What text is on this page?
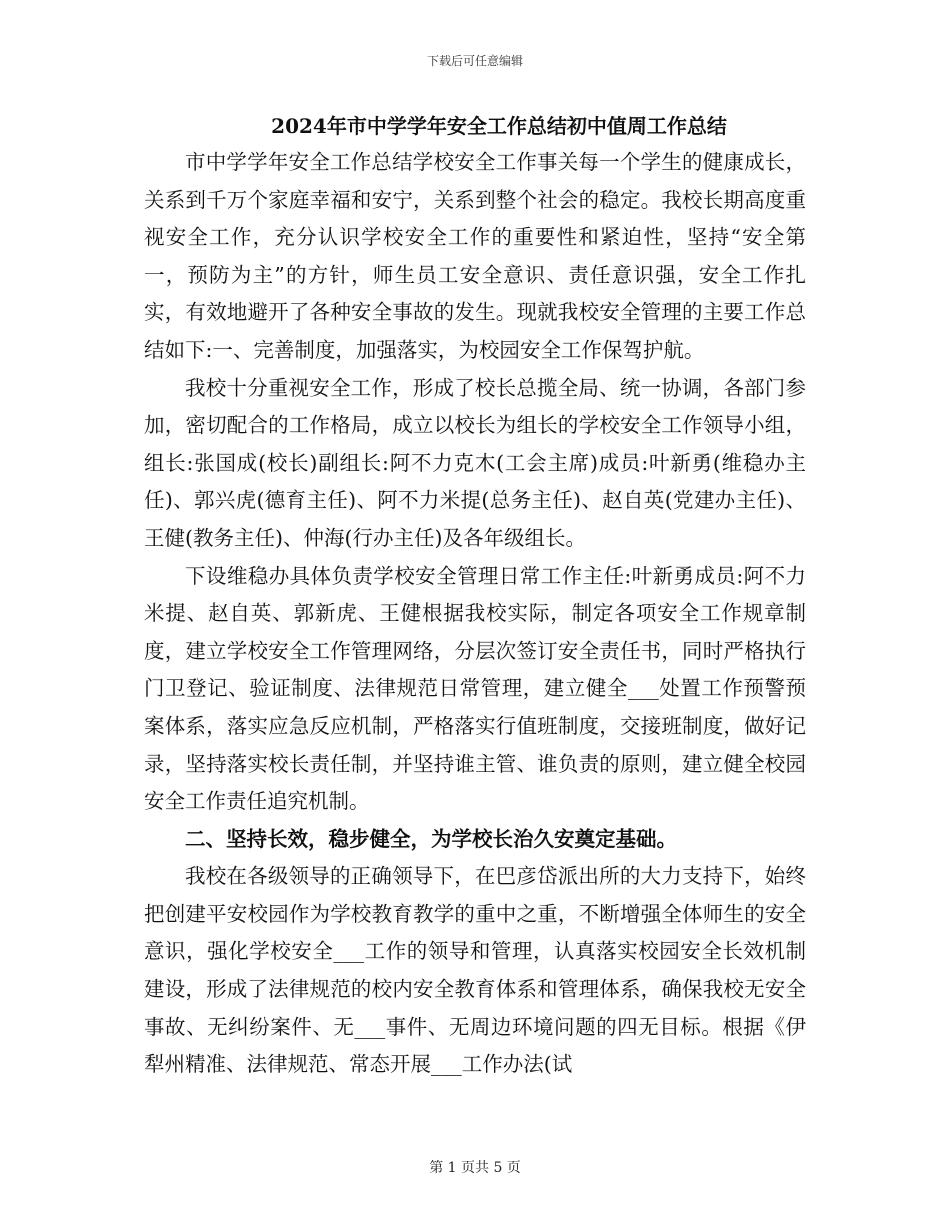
下载后可任意编辑
2024年市中学学年安全工作总结初中值周工作总结

市中学学年安全工作总结学校安全工作事关每一个学生的健康成长，关系到千万个家庭幸福和安宁，关系到整个社会的稳定。我校长期高度重视安全工作，充分认识学校安全工作的重要性和紧迫性，坚持“安全第一，预防为主”的方针，师生员工安全意识、责任意识强，安全工作扎实，有效地避开了各种安全事故的发生。现就我校安全管理的主要工作总结如下:一、完善制度，加强落实，为校园安全工作保驾护航。

我校十分重视安全工作，形成了校长总揽全局、统一协调，各部门参加，密切配合的工作格局，成立以校长为组长的学校安全工作领导小组，组长:张国成(校长)副组长:阿不力克木(工会主席)成员:叶新勇(维稳办主任)、郭兴虎(德育主任)、阿不力米提(总务主任)、赵自英(党建办主任)、王健(教务主任)、仲海(行办主任)及各年级组长。

下设维稳办具体负责学校安全管理日常工作主任:叶新勇成员:阿不力米提、赵自英、郭新虎、王健根据我校实际，制定各项安全工作规章制度，建立学校安全工作管理网络，分层次签订安全责任书，同时严格执行门卫登记、验证制度、法律规范日常管理，建立健全___处置工作预警预案体系，落实应急反应机制，严格落实行值班制度，交接班制度，做好记录，坚持落实校长责任制，并坚持谁主管、谁负责的原则，建立健全校园安全工作责任追究机制。

二、坚持长效，稳步健全，为学校长治久安奠定基础。

我校在各级领导的正确领导下，在巴彦岱派出所的大力支持下，始终把创建平安校园作为学校教育教学的重中之重，不断增强全体师生的安全意识，强化学校安全___工作的领导和管理，认真落实校园安全长效机制建设，形成了法律规范的校内安全教育体系和管理体系，确保我校无安全事故、无纠纷案件、无___事件、无周边环境问题的四无目标。根据《伊犁州精准、法律规范、常态开展___工作办法(试

第 1 页共 5 页
